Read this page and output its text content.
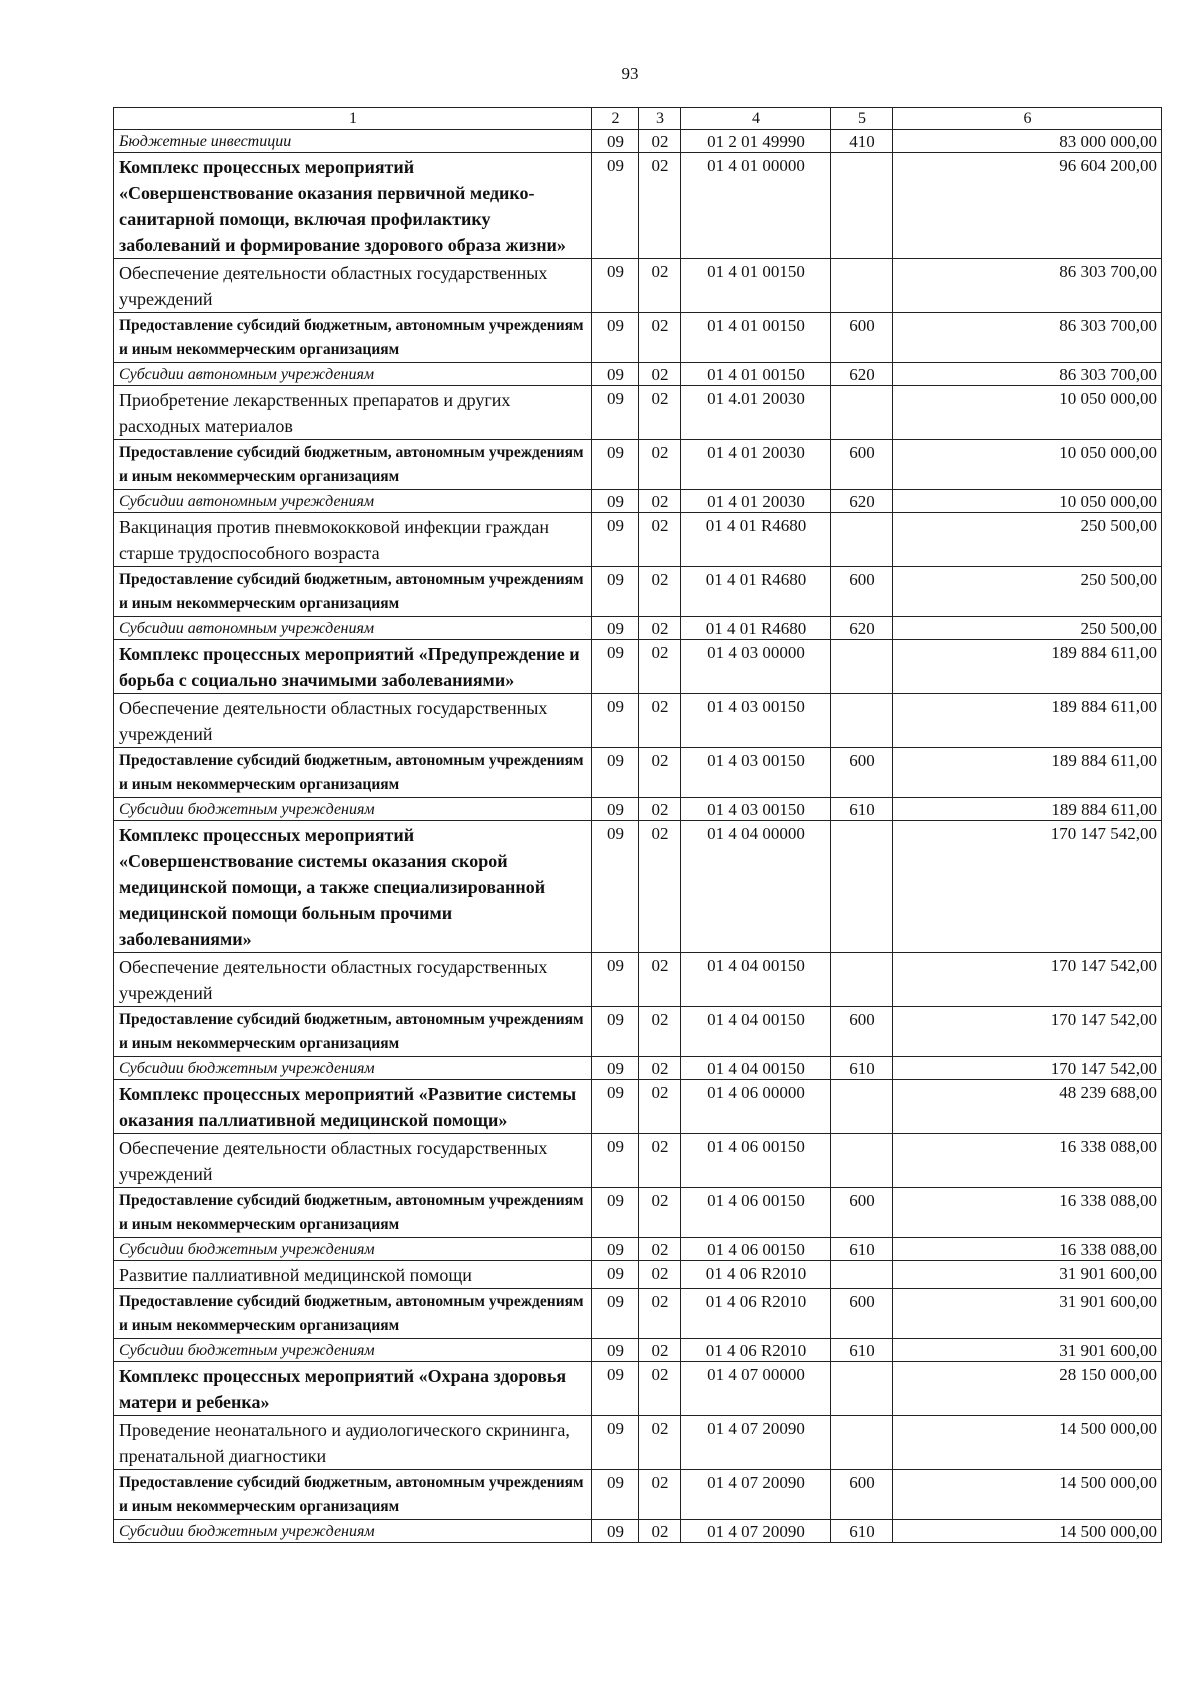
93
1	2	3	4	5	6
Бюджетные инвестиции	09	02	01 2 01 49990	410	83 000 000,00
Комплекс процессных мероприятий «Совершенствование оказания первичной медико-санитарной помощи, включая профилактику заболеваний и формирование здорового образа жизни»	09	02	01 4 01 00000		96 604 200,00
Обеспечение деятельности областных государственных учреждений	09	02	01 4 01 00150		86 303 700,00
Предоставление субсидий бюджетным, автономным учреждениям и иным некоммерческим организациям	09	02	01 4 01 00150	600	86 303 700,00
Субсидии автономным учреждениям	09	02	01 4 01 00150	620	86 303 700,00
Приобретение лекарственных препаратов и других расходных материалов	09	02	01 4.01 20030		10 050 000,00
Предоставление субсидий бюджетным, автономным учреждениям и иным некоммерческим организациям	09	02	01 4 01 20030	600	10 050 000,00
Субсидии автономным учреждениям	09	02	01 4 01 20030	620	10 050 000,00
Вакцинация против пневмококковой инфекции граждан старше трудоспособного возраста	09	02	01 4 01 R4680		250 500,00
Предоставление субсидий бюджетным, автономным учреждениям и иным некоммерческим организациям	09	02	01 4 01 R4680	600	250 500,00
Субсидии автономным учреждениям	09	02	01 4 01 R4680	620	250 500,00
Комплекс процессных мероприятий «Предупреждение и борьба с социально значимыми заболеваниями»	09	02	01 4 03 00000		189 884 611,00
Обеспечение деятельности областных государственных учреждений	09	02	01 4 03 00150		189 884 611,00
Предоставление субсидий бюджетным, автономным учреждениям и иным некоммерческим организациям	09	02	01 4 03 00150	600	189 884 611,00
Субсидии бюджетным учреждениям	09	02	01 4 03 00150	610	189 884 611,00
Комплекс процессных мероприятий «Совершенствование системы оказания скорой медицинской помощи, а также специализированной медицинской помощи больным прочими заболеваниями»	09	02	01 4 04 00000		170 147 542,00
Обеспечение деятельности областных государственных учреждений	09	02	01 4 04 00150		170 147 542,00
Предоставление субсидий бюджетным, автономным учреждениям и иным некоммерческим организациям	09	02	01 4 04 00150	600	170 147 542,00
Субсидии бюджетным учреждениям	09	02	01 4 04 00150	610	170 147 542,00
Комплекс процессных мероприятий «Развитие системы оказания паллиативной медицинской помощи»	09	02	01 4 06 00000		48 239 688,00
Обеспечение деятельности областных государственных учреждений	09	02	01 4 06 00150		16 338 088,00
Предоставление субсидий бюджетным, автономным учреждениям и иным некоммерческим организациям	09	02	01 4 06 00150	600	16 338 088,00
Субсидии бюджетным учреждениям	09	02	01 4 06 00150	610	16 338 088,00
Развитие паллиативной медицинской помощи	09	02	01 4 06 R2010		31 901 600,00
Предоставление субсидий бюджетным, автономным учреждениям и иным некоммерческим организациям	09	02	01 4 06 R2010	600	31 901 600,00
Субсидии бюджетным учреждениям	09	02	01 4 06 R2010	610	31 901 600,00
Комплекс процессных мероприятий «Охрана здоровья матери и ребенка»	09	02	01 4 07 00000		28 150 000,00
Проведение неонатального и аудиологического скрининга, пренатальной диагностики	09	02	01 4 07 20090		14 500 000,00
Предоставление субсидий бюджетным, автономным учреждениям и иным некоммерческим организациям	09	02	01 4 07 20090	600	14 500 000,00
Субсидии бюджетным учреждениям	09	02	01 4 07 20090	610	14 500 000,00
